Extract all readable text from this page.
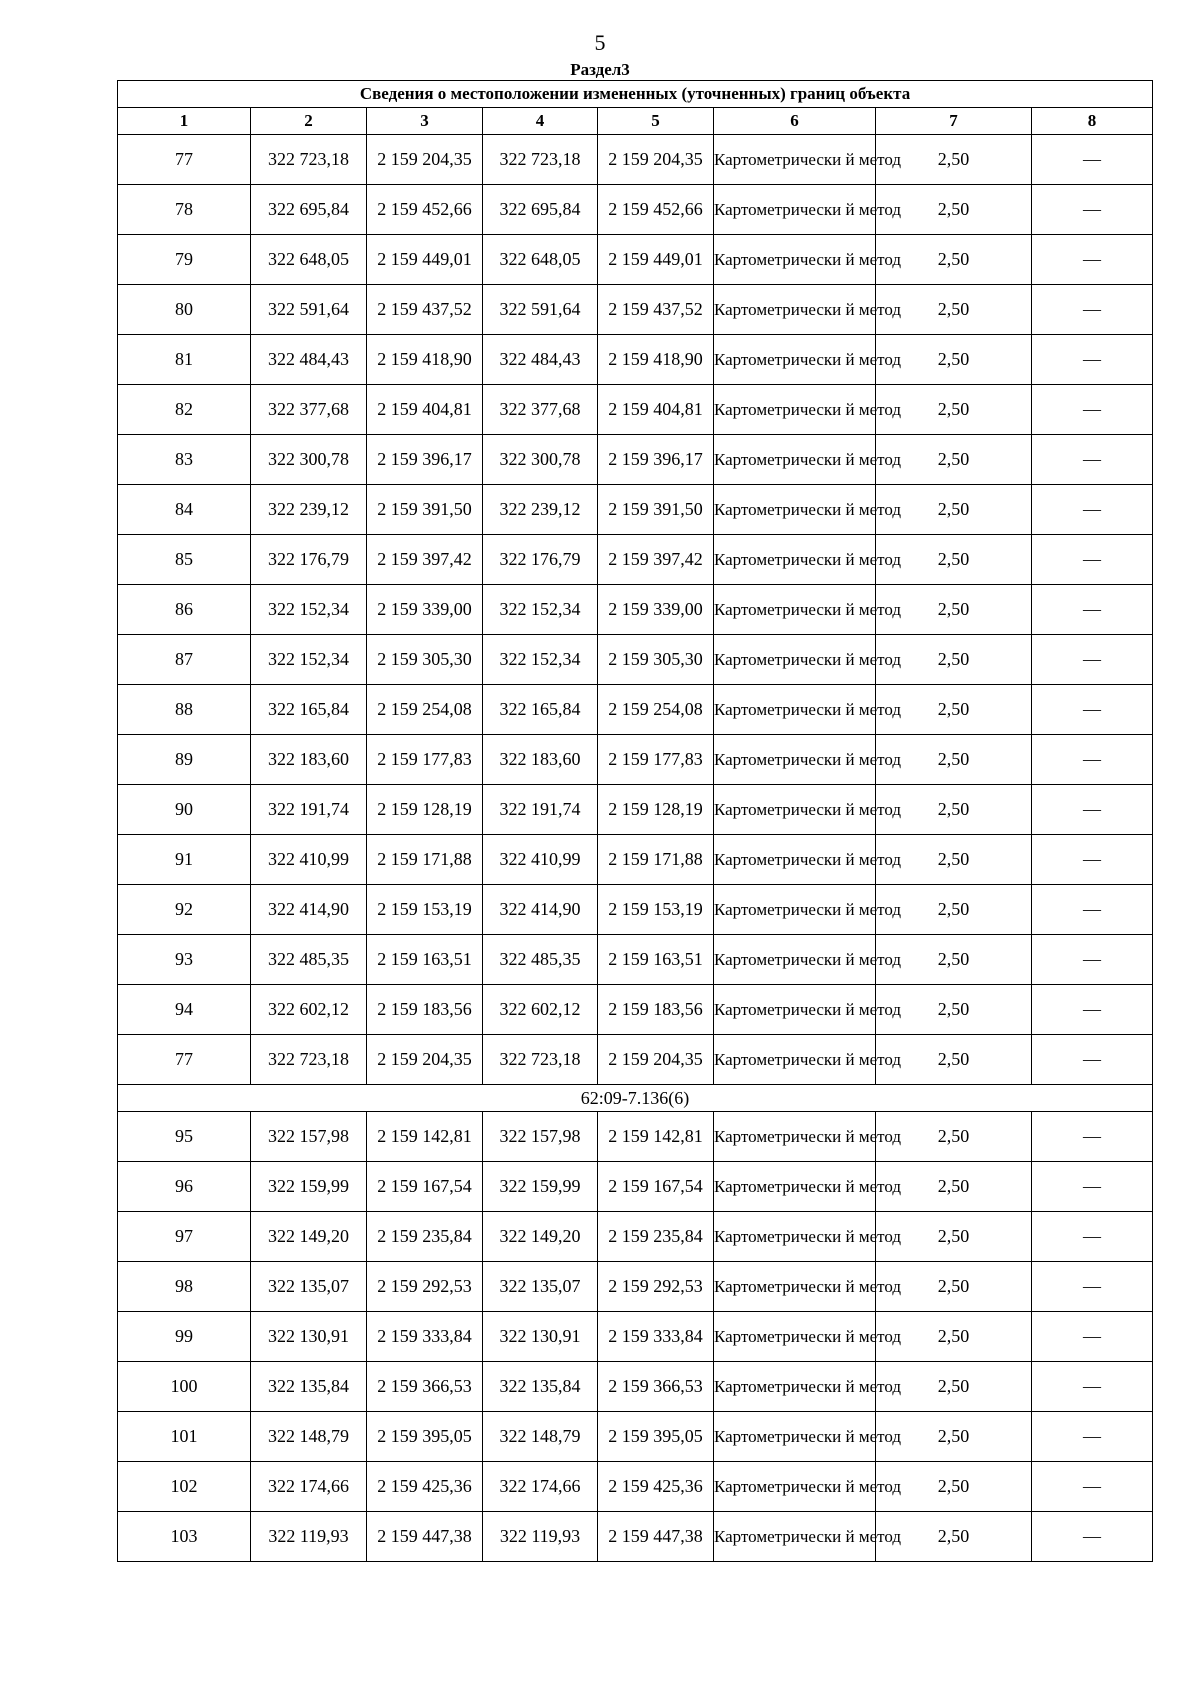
5
Раздел3
Сведения о местоположении измененных (уточненных) границ объекта							
1	2	3	4	5	6	7	8
77	322 723,18	2 159 204,35	322 723,18	2 159 204,35	Картометрически й метод	2,50	—
78	322 695,84	2 159 452,66	322 695,84	2 159 452,66	Картометрически й метод	2,50	—
79	322 648,05	2 159 449,01	322 648,05	2 159 449,01	Картометрически й метод	2,50	—
80	322 591,64	2 159 437,52	322 591,64	2 159 437,52	Картометрически й метод	2,50	—
81	322 484,43	2 159 418,90	322 484,43	2 159 418,90	Картометрически й метод	2,50	—
82	322 377,68	2 159 404,81	322 377,68	2 159 404,81	Картометрически й метод	2,50	—
83	322 300,78	2 159 396,17	322 300,78	2 159 396,17	Картометрически й метод	2,50	—
84	322 239,12	2 159 391,50	322 239,12	2 159 391,50	Картометрически й метод	2,50	—
85	322 176,79	2 159 397,42	322 176,79	2 159 397,42	Картометрически й метод	2,50	—
86	322 152,34	2 159 339,00	322 152,34	2 159 339,00	Картометрически й метод	2,50	—
87	322 152,34	2 159 305,30	322 152,34	2 159 305,30	Картометрически й метод	2,50	—
88	322 165,84	2 159 254,08	322 165,84	2 159 254,08	Картометрически й метод	2,50	—
89	322 183,60	2 159 177,83	322 183,60	2 159 177,83	Картометрически й метод	2,50	—
90	322 191,74	2 159 128,19	322 191,74	2 159 128,19	Картометрически й метод	2,50	—
91	322 410,99	2 159 171,88	322 410,99	2 159 171,88	Картометрически й метод	2,50	—
92	322 414,90	2 159 153,19	322 414,90	2 159 153,19	Картометрически й метод	2,50	—
93	322 485,35	2 159 163,51	322 485,35	2 159 163,51	Картометрически й метод	2,50	—
94	322 602,12	2 159 183,56	322 602,12	2 159 183,56	Картометрически й метод	2,50	—
77	322 723,18	2 159 204,35	322 723,18	2 159 204,35	Картометрически й метод	2,50	—
62:09-7.136(6)							
95	322 157,98	2 159 142,81	322 157,98	2 159 142,81	Картометрически й метод	2,50	—
96	322 159,99	2 159 167,54	322 159,99	2 159 167,54	Картометрически й метод	2,50	—
97	322 149,20	2 159 235,84	322 149,20	2 159 235,84	Картометрически й метод	2,50	—
98	322 135,07	2 159 292,53	322 135,07	2 159 292,53	Картометрически й метод	2,50	—
99	322 130,91	2 159 333,84	322 130,91	2 159 333,84	Картометрически й метод	2,50	—
100	322 135,84	2 159 366,53	322 135,84	2 159 366,53	Картометрически й метод	2,50	—
101	322 148,79	2 159 395,05	322 148,79	2 159 395,05	Картометрически й метод	2,50	—
102	322 174,66	2 159 425,36	322 174,66	2 159 425,36	Картометрически й метод	2,50	—
103	322 119,93	2 159 447,38	322 119,93	2 159 447,38	Картометрически й метод	2,50	—
